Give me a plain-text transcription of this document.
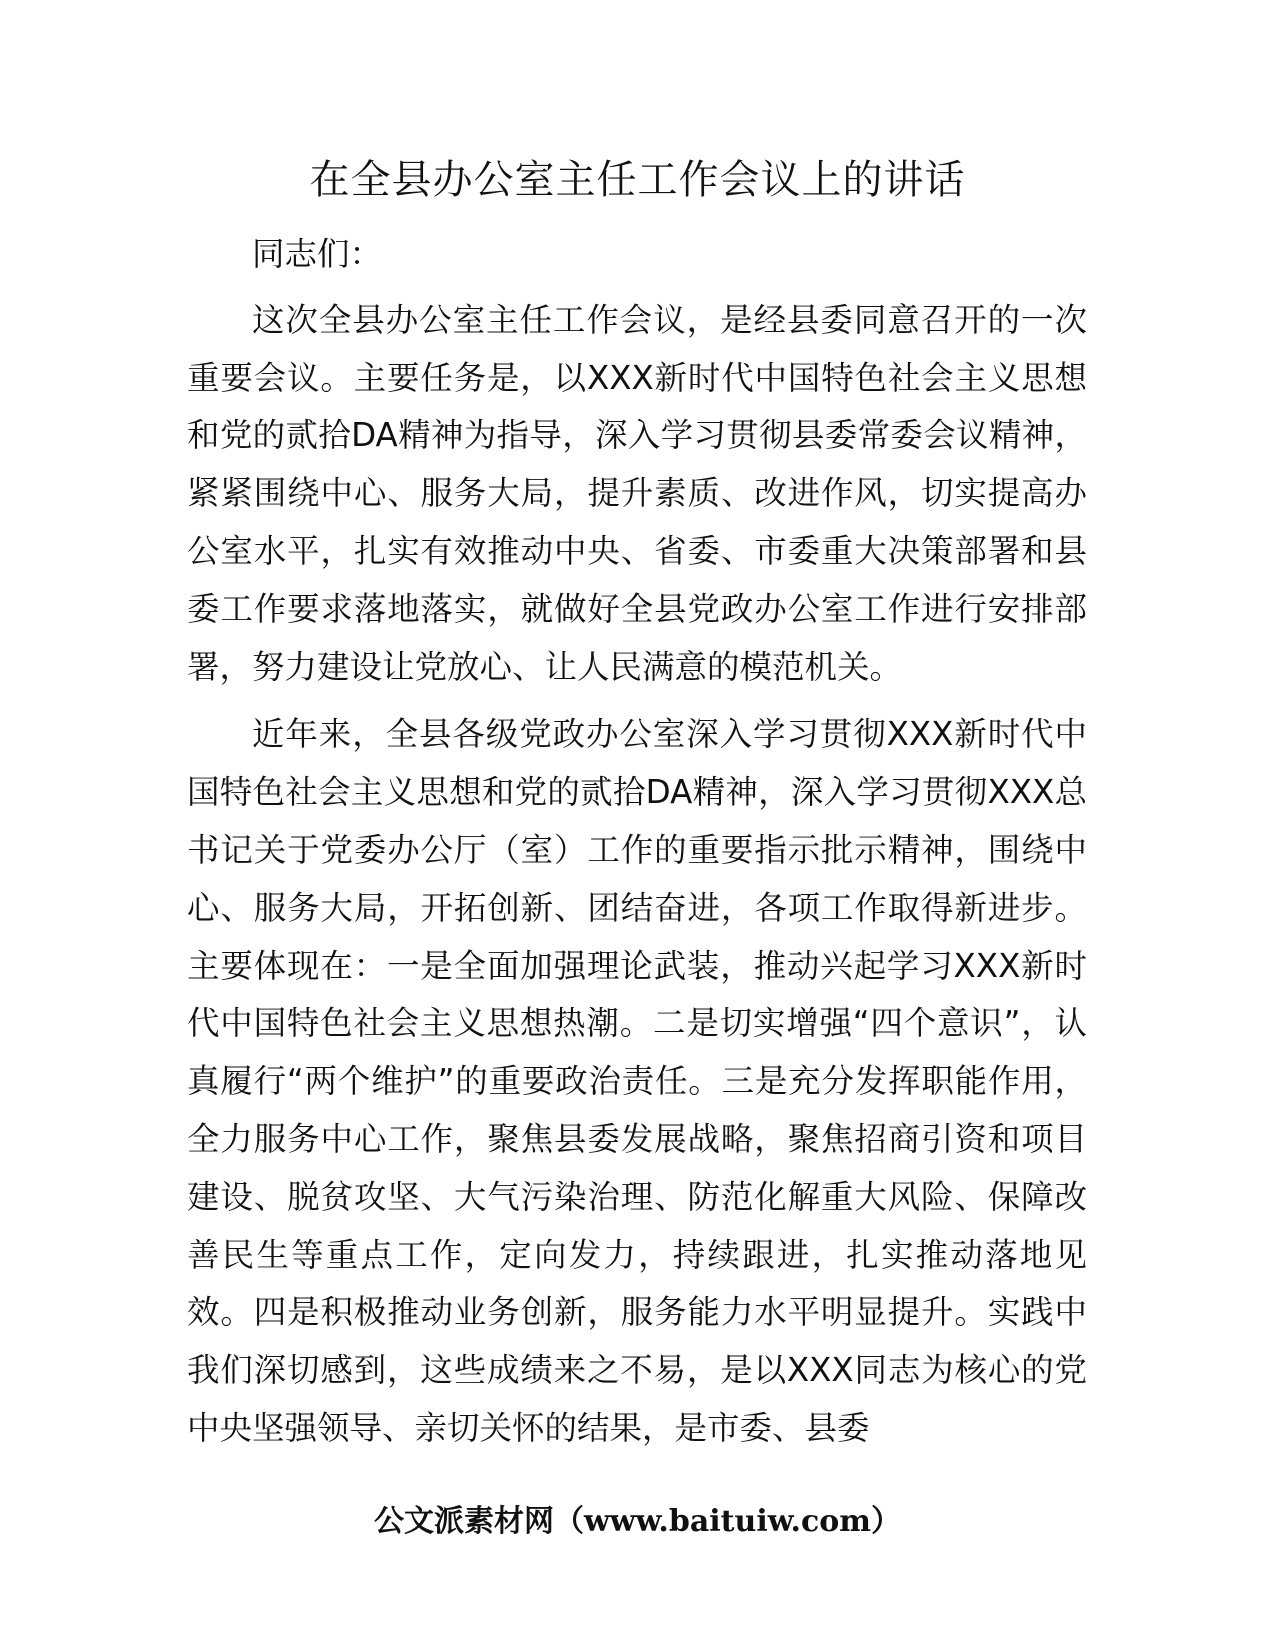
在全县办公室主任工作会议上的讲话

同志们：

这次全县办公室主任工作会议，是经县委同意召开的一次重要会议。主要任务是，以XXX新时代中国特色社会主义思想和党的贰拾DA精神为指导，深入学习贯彻县委常委会议精神，紧紧围绕中心、服务大局，提升素质、改进作风，切实提高办公室水平，扎实有效推动中央、省委、市委重大决策部署和县委工作要求落地落实，就做好全县党政办公室工作进行安排部署，努力建设让党放心、让人民满意的模范机关。

近年来，全县各级党政办公室深入学习贯彻XXX新时代中国特色社会主义思想和党的贰拾DA精神，深入学习贯彻XXX总书记关于党委办公厅（室）工作的重要指示批示精神，围绕中心、服务大局，开拓创新、团结奋进，各项工作取得新进步。主要体现在：一是全面加强理论武装，推动兴起学习XXX新时代中国特色社会主义思想热潮。二是切实增强“四个意识”，认真履行“两个维护”的重要政治责任。三是充分发挥职能作用，全力服务中心工作，聚焦县委发展战略，聚焦招商引资和项目建设、脱贫攻坚、大气污染治理、防范化解重大风险、保障改善民生等重点工作，定向发力，持续跟进，扎实推动落地见效。四是积极推动业务创新，服务能力水平明显提升。实践中我们深切感到，这些成绩来之不易，是以XXX同志为核心的党中央坚强领导、亲切关怀的结果，是市委、县委

公文派素材网（www.baituiw.com）
